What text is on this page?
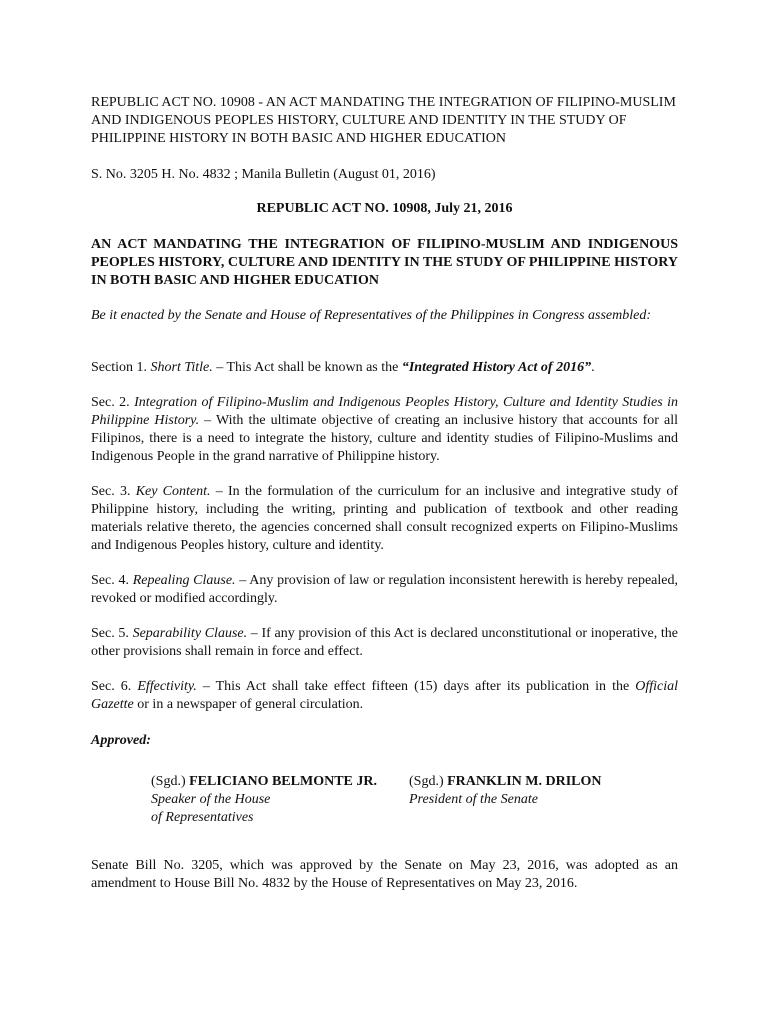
REPUBLIC ACT NO. 10908 - AN ACT MANDATING THE INTEGRATION OF FILIPINO-MUSLIM AND INDIGENOUS PEOPLES HISTORY, CULTURE AND IDENTITY IN THE STUDY OF PHILIPPINE HISTORY IN BOTH BASIC AND HIGHER EDUCATION

S. No. 3205 H. No. 4832 ; Manila Bulletin (August 01, 2016)

REPUBLIC ACT NO. 10908, July 21, 2016

AN ACT MANDATING THE INTEGRATION OF FILIPINO-MUSLIM AND INDIGENOUS PEOPLES HISTORY, CULTURE AND IDENTITY IN THE STUDY OF PHILIPPINE HISTORY IN BOTH BASIC AND HIGHER EDUCATION

Be it enacted by the Senate and House of Representatives of the Philippines in Congress assembled:

Section 1. Short Title. – This Act shall be known as the “Integrated History Act of 2016”.

Sec. 2. Integration of Filipino-Muslim and Indigenous Peoples History, Culture and Identity Studies in Philippine History. – With the ultimate objective of creating an inclusive history that accounts for all Filipinos, there is a need to integrate the history, culture and identity studies of Filipino-Muslims and Indigenous People in the grand narrative of Philippine history.

Sec. 3. Key Content. – In the formulation of the curriculum for an inclusive and integrative study of Philippine history, including the writing, printing and publication of textbook and other reading materials relative thereto, the agencies concerned shall consult recognized experts on Filipino-Muslims and Indigenous Peoples history, culture and identity.

Sec. 4. Repealing Clause. – Any provision of law or regulation inconsistent herewith is hereby repealed, revoked or modified accordingly.

Sec. 5. Separability Clause. – If any provision of this Act is declared unconstitutional or inoperative, the other provisions shall remain in force and effect.

Sec. 6. Effectivity. – This Act shall take effect fifteen (15) days after its publication in the Official Gazette or in a newspaper of general circulation.

Approved:

(Sgd.) FELICIANO BELMONTE JR.
Speaker of the House
of Representatives
(Sgd.) FRANKLIN M. DRILON
President of the Senate

Senate Bill No. 3205, which was approved by the Senate on May 23, 2016, was adopted as an amendment to House Bill No. 4832 by the House of Representatives on May 23, 2016.
